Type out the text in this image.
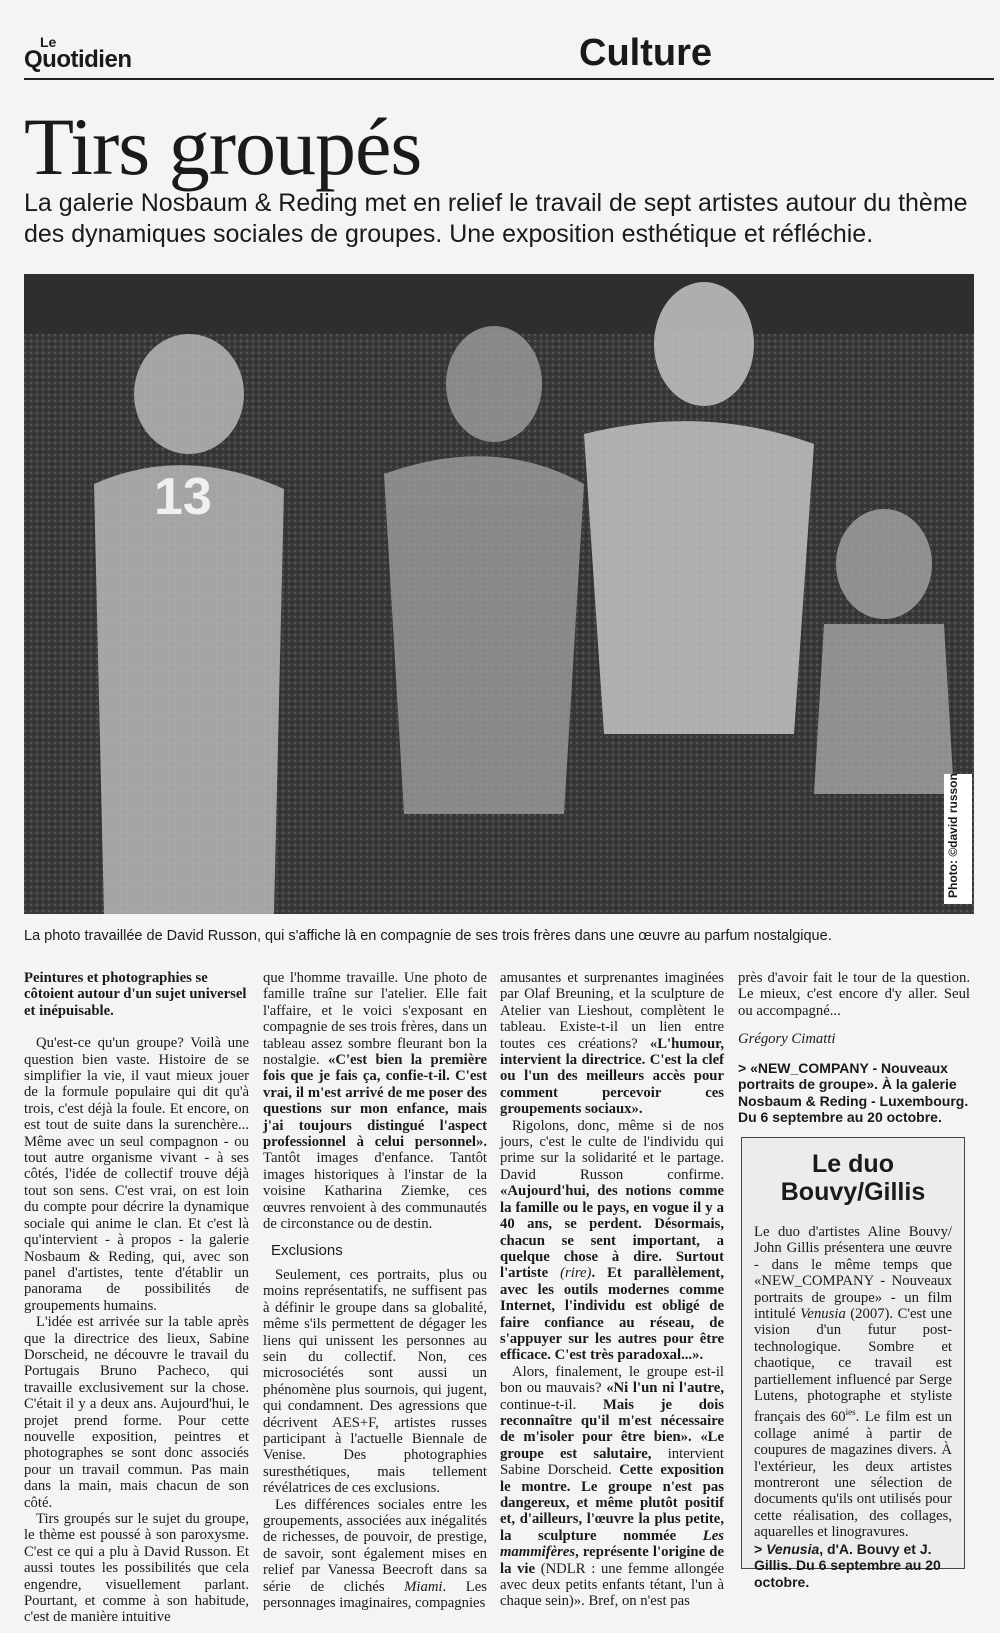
Le
Quotidien	Culture
Tirs groupés
La galerie Nosbaum & Reding met en relief le travail de sept artistes autour du thème des dynamiques sociales de groupes. Une exposition esthétique et réfléchie.
13
Photo: ©david russon
La photo travaillée de David Russon, qui s'affiche là en compagnie de ses trois frères dans une œuvre au parfum nostalgique.

Peintures et photographies se côtoient autour d'un sujet universel et inépuisable.

Qu'est-ce qu'un groupe? Voilà une question bien vaste. Histoire de se simplifier la vie, il vaut mieux jouer de la formule populaire qui dit qu'à trois, c'est déjà la foule. Et encore, on est tout de suite dans la surenchère... Même avec un seul compagnon - ou tout autre organisme vivant - à ses côtés, l'idée de collectif trouve déjà tout son sens. C'est vrai, on est loin du compte pour décrire la dynamique sociale qui anime le clan. Et c'est là qu'intervient - à propos - la galerie Nosbaum & Reding, qui, avec son panel d'artistes, tente d'établir un panorama de possibilités de groupements humains.

L'idée est arrivée sur la table après que la directrice des lieux, Sabine Dorscheid, ne découvre le travail du Portugais Bruno Pacheco, qui travaille exclusivement sur la chose. C'était il y a deux ans. Aujourd'hui, le projet prend forme. Pour cette nouvelle exposition, peintres et photographes se sont donc associés pour un travail commun. Pas main dans la main, mais chacun de son côté.

Tirs groupés sur le sujet du groupe, le thème est poussé à son paroxysme. C'est ce qui a plu à David Russon. Et aussi toutes les possibilités que cela engendre, visuellement parlant. Pourtant, et comme à son habitude, c'est de manière intuitive

que l'homme travaille. Une photo de famille traîne sur l'atelier. Elle fait l'affaire, et le voici s'exposant en compagnie de ses trois frères, dans un tableau assez sombre fleurant bon la nostalgie. «C'est bien la première fois que je fais ça, confie-t-il. C'est vrai, il m'est arrivé de me poser des questions sur mon enfance, mais j'ai toujours distingué l'aspect professionnel à celui personnel». Tantôt images d'enfance. Tantôt images historiques à l'instar de la voisine Katharina Ziemke, ces œuvres renvoient à des communautés de circonstance ou de destin.

Exclusions

Seulement, ces portraits, plus ou moins représentatifs, ne suffisent pas à définir le groupe dans sa globalité, même s'ils permettent de dégager les liens qui unissent les personnes au sein du collectif. Non, ces microsociétés sont aussi un phénomène plus sournois, qui jugent, qui condamnent. Des agressions que décrivent AES+F, artistes russes participant à l'actuelle Biennale de Venise. Des photographies suresthétiques, mais tellement révélatrices de ces exclusions.

Les différences sociales entre les groupements, associées aux inégalités de richesses, de pouvoir, de prestige, de savoir, sont également mises en relief par Vanessa Beecroft dans sa série de clichés Miami. Les personnages imaginaires, compagnies

amusantes et surprenantes imaginées par Olaf Breuning, et la sculpture de Atelier van Lieshout, complètent le tableau. Existe-t-il un lien entre toutes ces créations? «L'humour, intervient la directrice. C'est la clef ou l'un des meilleurs accès pour comment percevoir ces groupements sociaux».

Rigolons, donc, même si de nos jours, c'est le culte de l'individu qui prime sur la solidarité et le partage. David Russon confirme. «Aujourd'hui, des notions comme la famille ou le pays, en vogue il y a 40 ans, se perdent. Désormais, chacun se sent important, a quelque chose à dire. Surtout l'artiste (rire). Et parallèlement, avec les outils modernes comme Internet, l'individu est obligé de faire confiance au réseau, de s'appuyer sur les autres pour être efficace. C'est très paradoxal...».

Alors, finalement, le groupe est-il bon ou mauvais? «Ni l'un ni l'autre, continue-t-il. Mais je dois reconnaître qu'il m'est nécessaire de m'isoler pour être bien». «Le groupe est salutaire, intervient Sabine Dorscheid. Cette exposition le montre. Le groupe n'est pas dangereux, et même plutôt positif et, d'ailleurs, l'œuvre la plus petite, la sculpture nommée Les mammifères, représente l'origine de la vie (NDLR : une femme allongée avec deux petits enfants tétant, l'un à chaque sein)». Bref, on n'est pas

près d'avoir fait le tour de la question. Le mieux, c'est encore d'y aller. Seul ou accompagné...

Grégory Cimatti

> «NEW_COMPANY - Nouveaux portraits de groupe». À la galerie Nosbaum & Reding - Luxembourg. Du 6 septembre au 20 octobre.

Le duo Bouvy/Gillis

Le duo d'artistes Aline Bouvy/ John Gillis présentera une œuvre - dans le même temps que «NEW_COMPANY - Nouveaux portraits de groupe» - un film intitulé Venusia (2007). C'est une vision d'un futur post-technologique. Sombre et chaotique, ce travail est partiellement influencé par Serge Lutens, photographe et styliste français des $60^{ies}$. Le film est un collage animé à partir de coupures de magazines divers. À l'extérieur, les deux artistes montreront une sélection de documents qu'ils ont utilisés pour cette réalisation, des collages, aquarelles et linogravures.

> Venusia, d'A. Bouvy et J. Gillis. Du 6 septembre au 20 octobre.
